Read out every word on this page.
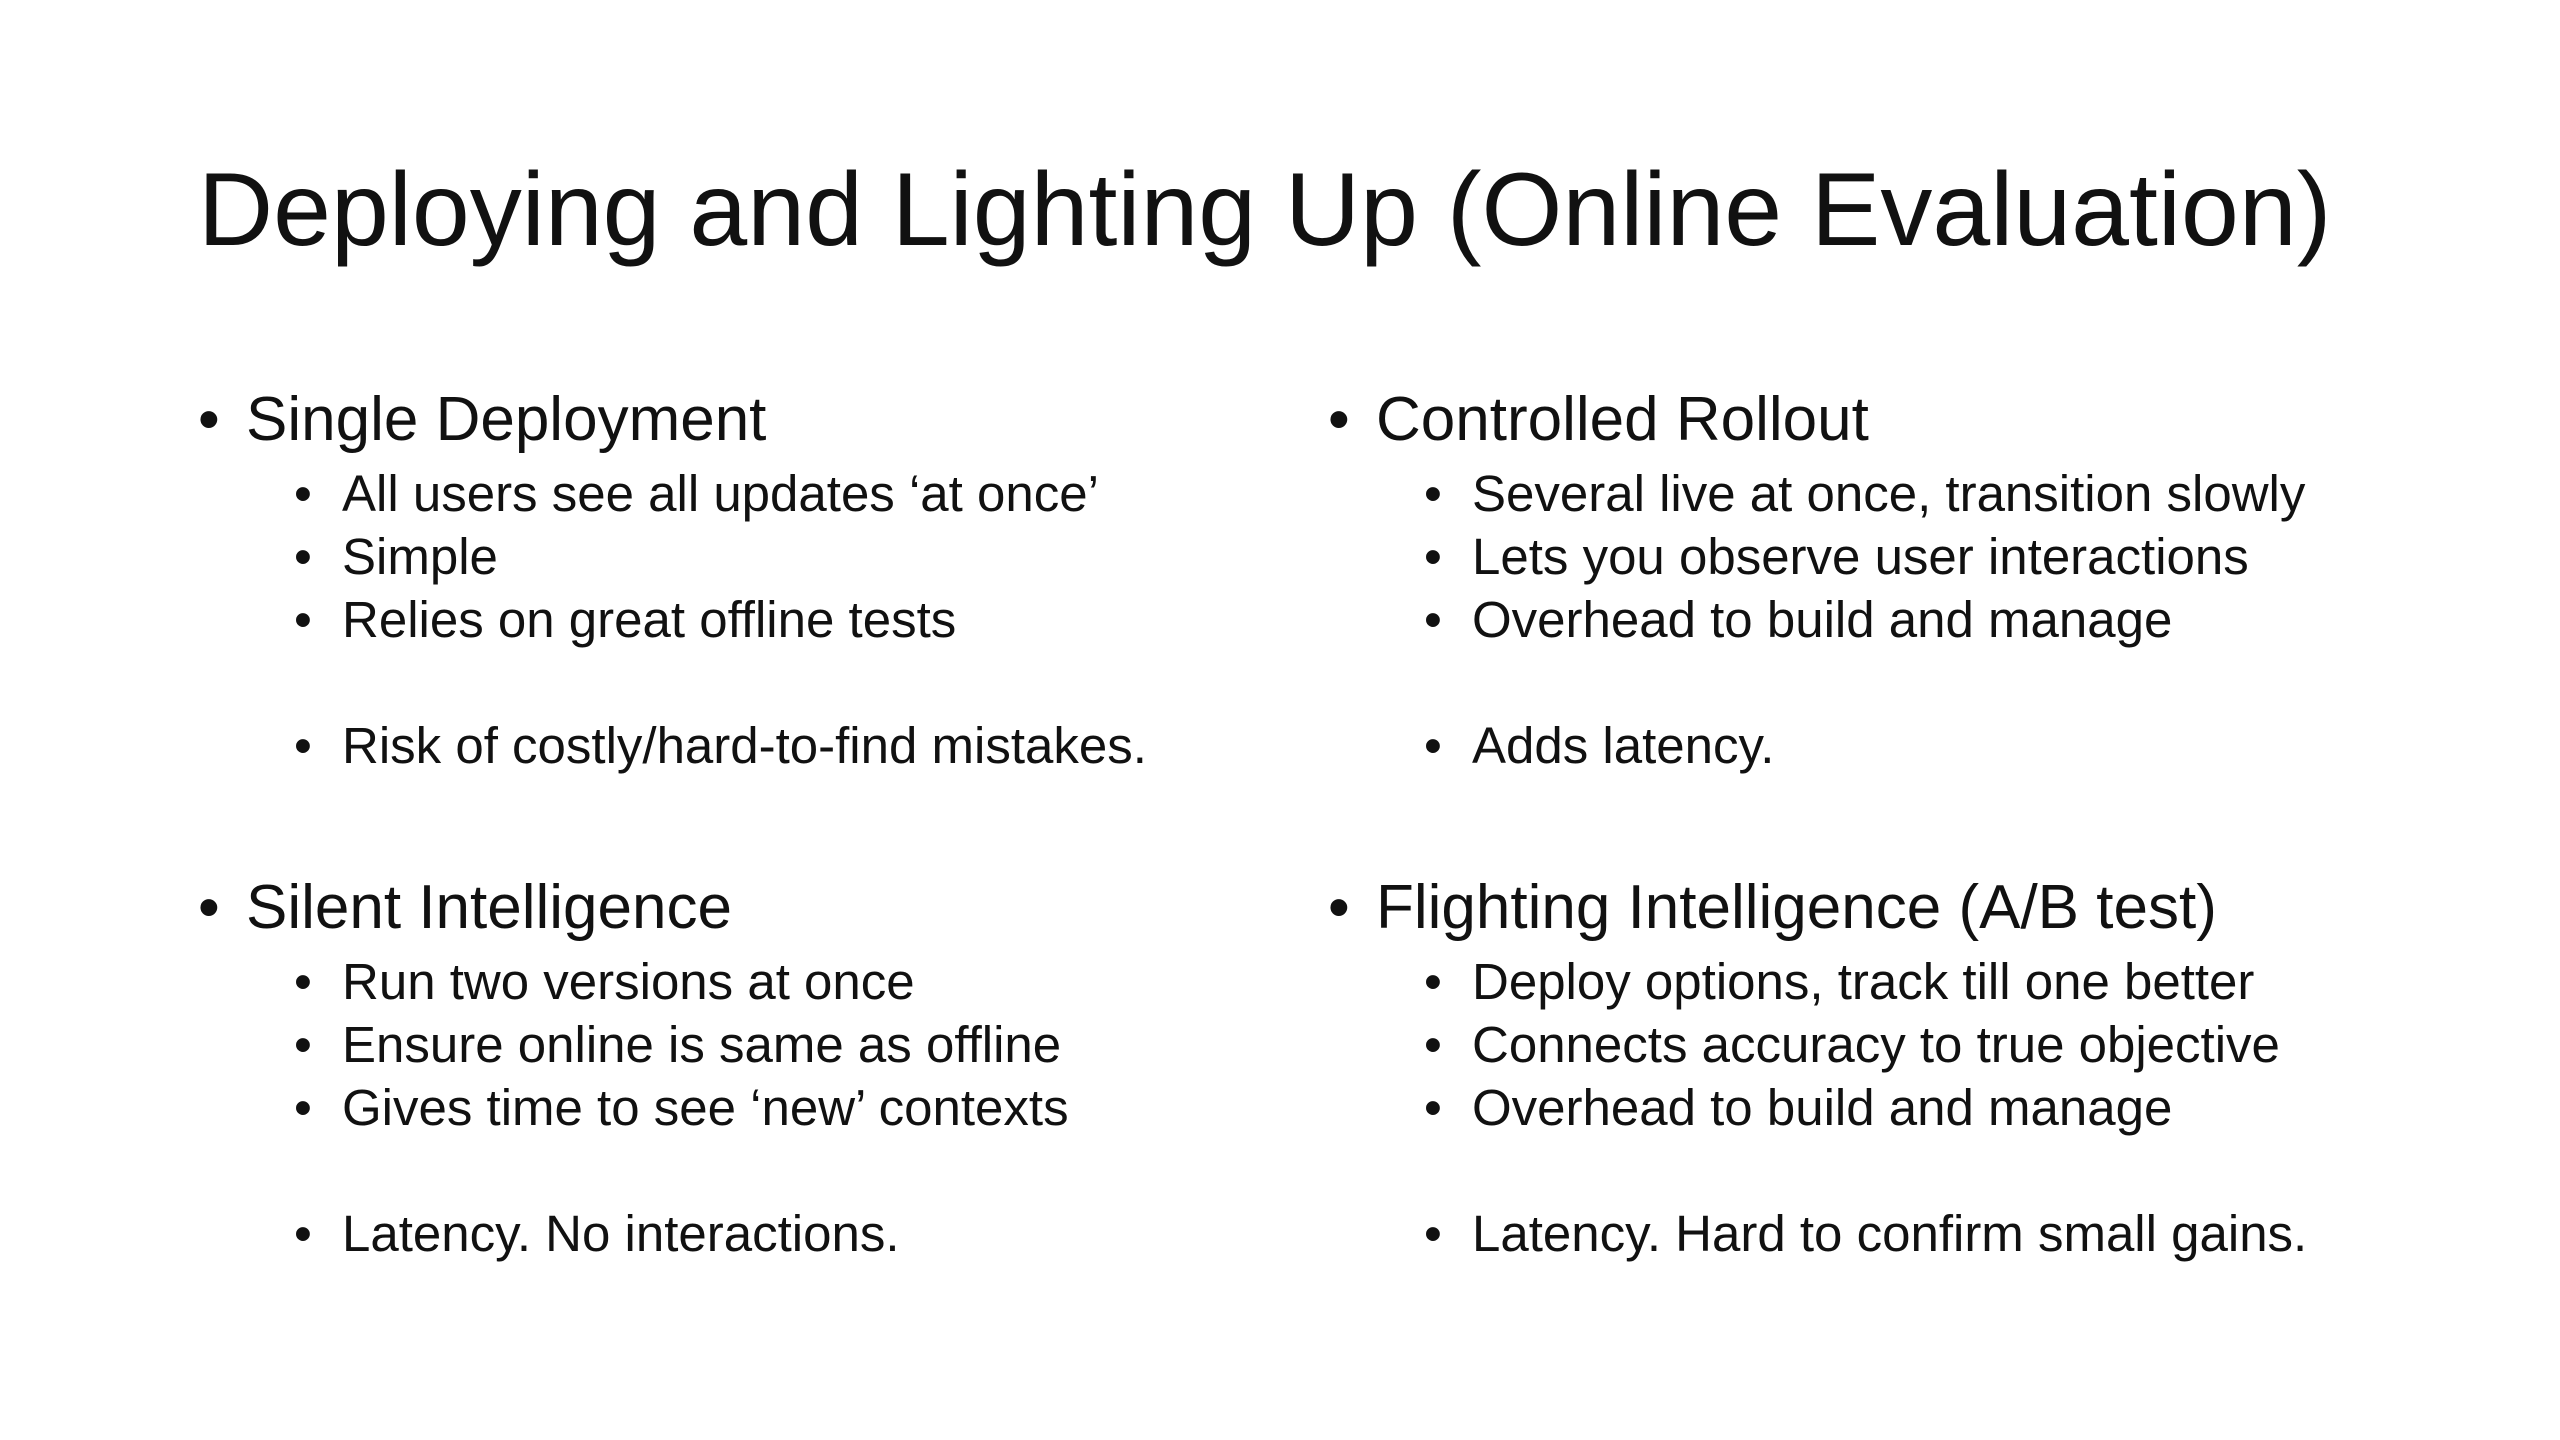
Deploying and Lighting Up (Online Evaluation)
• Single Deployment
• All users see all updates ‘at once’
• Simple
• Relies on great offline tests
• Risk of costly/hard-to-find mistakes.
• Controlled Rollout
• Several live at once, transition slowly
• Lets you observe user interactions
• Overhead to build and manage
• Adds latency.
• Silent Intelligence
• Run two versions at once
• Ensure online is same as offline
• Gives time to see ‘new’ contexts
• Latency. No interactions.
• Flighting Intelligence (A/B test)
• Deploy options, track till one better
• Connects accuracy to true objective
• Overhead to build and manage
• Latency. Hard to confirm small gains.
